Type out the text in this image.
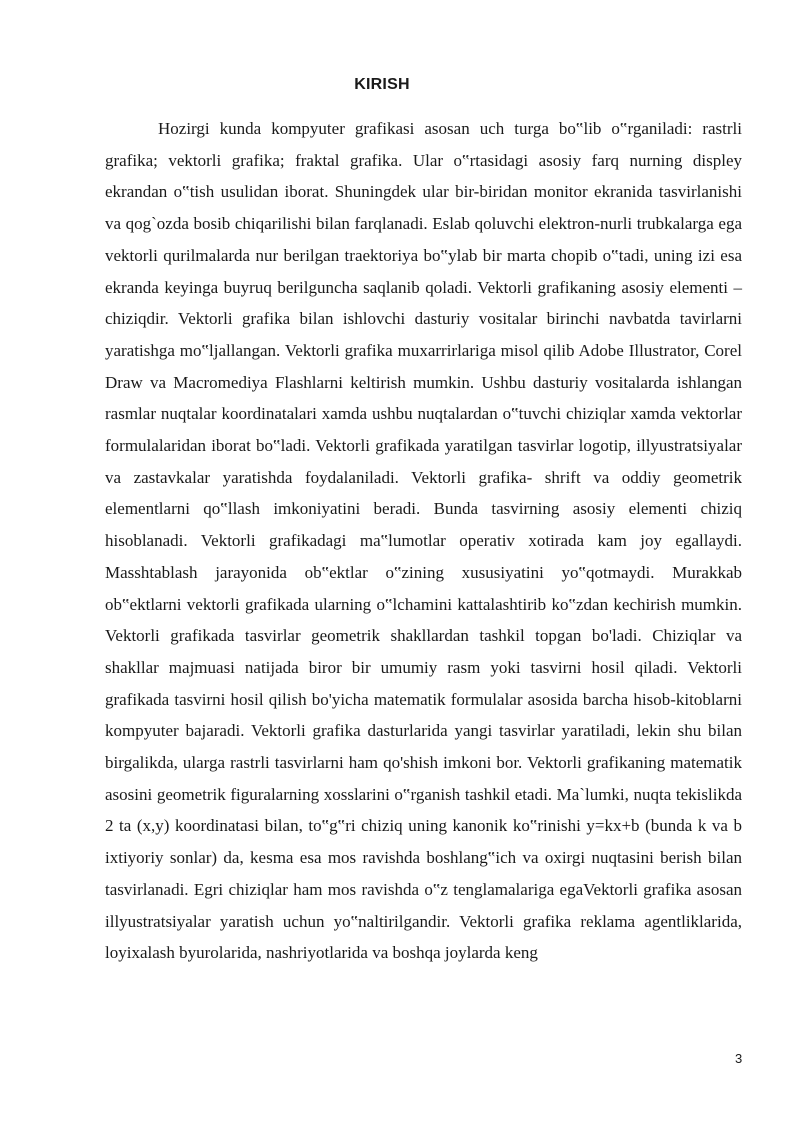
KIRISH

Hozirgi kunda kompyuter grafikasi asosan uch turga bo‟lib o‟rganiladi: rastrli grafika; vektorli grafika; fraktal grafika. Ular o‟rtasidagi asosiy farq nurning displey ekrandan o‟tish usulidan iborat. Shuningdek ular bir-biridan monitor ekranida tasvirlanishi va qog`ozda bosib chiqarilishi bilan farqlanadi. Eslab qoluvchi elektron-nurli trubkalarga ega vektorli qurilmalarda nur berilgan traektoriya bo‟ylab bir marta chopib o‟tadi, uning izi esa ekranda keyinga buyruq berilguncha saqlanib qoladi. Vektorli grafikaning asosiy elementi – chiziqdir. Vektorli grafika bilan ishlovchi dasturiy vositalar birinchi navbatda tavirlarni yaratishga mo‟ljallangan. Vektorli grafika muxarrirlariga misol qilib Adobe Illustrator, Corel Draw va Macromediya Flashlarni keltirish mumkin. Ushbu dasturiy vositalarda ishlangan rasmlar nuqtalar koordinatalari xamda ushbu nuqtalardan o‟tuvchi chiziqlar xamda vektorlar formulalaridan iborat bo‟ladi. Vektorli grafikada yaratilgan tasvirlar logotip, illyustratsiyalar va zastavkalar yaratishda foydalaniladi. Vektorli grafika- shrift va oddiy geometrik elementlarni qo‟llash imkoniyatini beradi. Bunda tasvirning asosiy elementi chiziq hisoblanadi. Vektorli grafikadagi ma‟lumotlar operativ xotirada kam joy egallaydi. Masshtablash jarayonida ob‟ektlar o‟zining xususiyatini yo‟qotmaydi. Murakkab ob‟ektlarni vektorli grafikada ularning o‟lchamini kattalashtirib ko‟zdan kechirish mumkin. Vektorli grafikada tasvirlar geometrik shakllardan tashkil topgan bo'ladi. Chiziqlar va shakllar majmuasi natijada biror bir umumiy rasm yoki tasvirni hosil qiladi. Vektorli grafikada tasvirni hosil qilish bo'yicha matematik formulalar asosida barcha hisob-kitoblarni kompyuter bajaradi. Vektorli grafika dasturlarida yangi tasvirlar yaratiladi, lekin shu bilan birgalikda, ularga rastrli tasvirlarni ham qo'shish imkoni bor. Vektorli grafikaning matematik asosini geometrik figuralarning xosslarini o‟rganish tashkil etadi. Ma`lumki, nuqta tekislikda 2 ta (x,y) koordinatasi bilan, to‟g‟ri chiziq uning kanonik ko‟rinishi y=kx+b (bunda k va b ixtiyoriy sonlar) da, kesma esa mos ravishda boshlang‟ich va oxirgi nuqtasini berish bilan tasvirlanadi. Egri chiziqlar ham mos ravishda o‟z tenglamalariga egaVektorli grafika asosan illyustratsiyalar yaratish uchun yo‟naltirilgandir. Vektorli grafika reklama agentliklarida, loyixalash byurolarida, nashriyotlarida va boshqa joylarda keng

3
